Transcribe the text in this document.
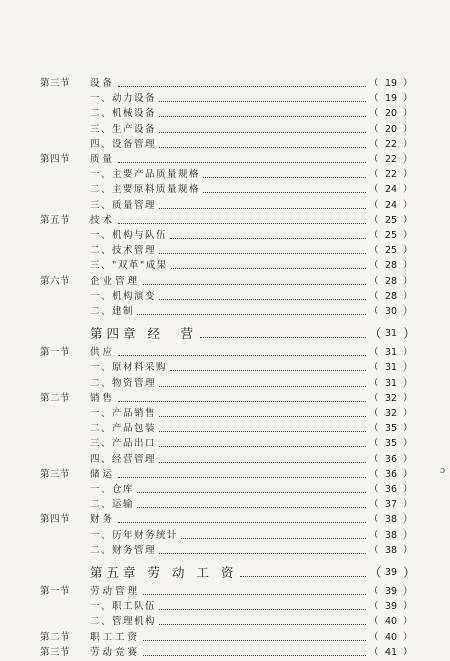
第三节	设备	（ 19 ）
一、动力设备	（ 19 ）
二、机械设备	（ 20 ）
三、生产设备	（ 20 ）
四、设备管理	（ 22 ）
第四节	质量	（ 22 ）
一、主要产品质量规格	（ 22 ）
二、主要原料质量规格	（ 24 ）
三、质量管理	（ 24 ）
第五节	技术	（ 25 ）
一、机构与队伍	（ 25 ）
二、技术管理	（ 25 ）
三、"双革"成果	（ 28 ）
第六节	企业管理	（ 28 ）
一、机构演变	（ 28 ）
二、建制	（ 30 ）
第四章 经　营	（ 31 ）
第一节	供应	（ 31 ）
一、原材料采购	（ 31 ）
二、物资管理	（ 31 ）
第二节	销售	（ 32 ）
一、产品销售	（ 32 ）
二、产品包装	（ 35 ）
三、产品出口	（ 35 ）
四、经营管理	（ 36 ）
第三节	储运	（ 36 ）
一、仓库	（ 36 ）
二、运输	（ 37 ）
第四节	财务	（ 38 ）
一、历年财务统计	（ 38 ）
二、财务管理	（ 38 ）
第五章 劳 动 工 资	（ 39 ）
第一节	劳动管理	（ 39 ）
一、职工队伍	（ 39 ）
二、管理机构	（ 40 ）
第二节	职工工资	（ 40 ）
第三节	劳动竞赛	（ 41 ）
ɔ
